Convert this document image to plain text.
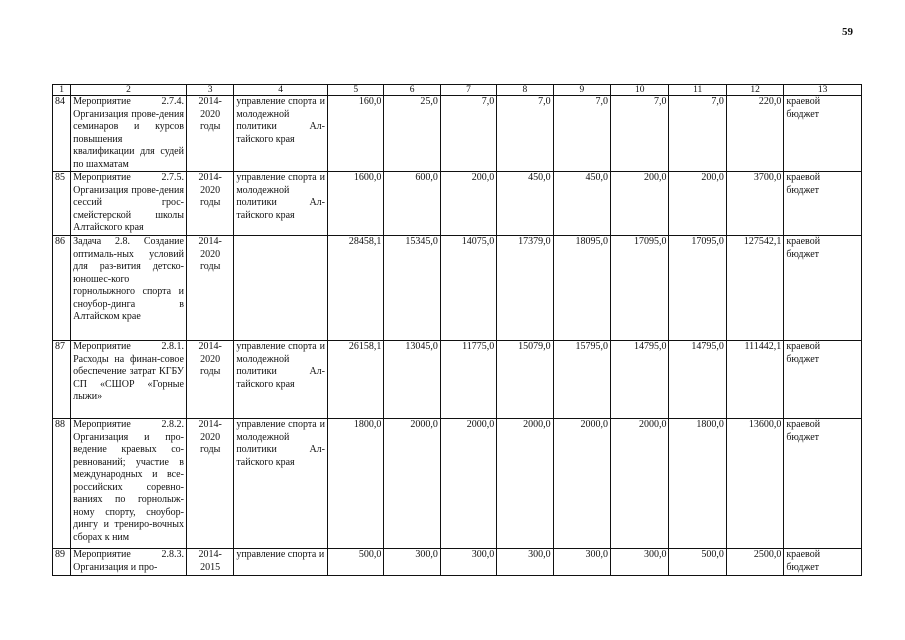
59
1	2	3	4	5	6	7	8	9	10	11	12	13
84	Мероприятие 2.7.4. Организация прове-дения семинаров и курсов повышения квалификации для судей по шахматам	2014-
2020
годы	управление спорта и молодежной политики Ал-тайского края	160,0	25,0	7,0	7,0	7,0	7,0	7,0	220,0	краевой
бюджет

85	Мероприятие 2.7.5. Организация прове-дения сессий грос-смейстерской школы Алтайского края	2014-
2020
годы	управление спорта и молодежной политики Ал-тайского края	1600,0	600,0	200,0	450,0	450,0	200,0	200,0	3700,0	краевой
бюджет

86	Задача 2.8. Создание оптималь-ных условий для раз-вития детско-юношес-кого горнолыжного спорта и сноубор-динга в Алтайском крае	2014-
2020
годы		28458,1	15345,0	14075,0	17379,0	18095,0	17095,0	17095,0	127542,1	краевой
бюджет

87	Мероприятие 2.8.1. Расходы на финан-совое обеспечение затрат КГБУ СП «СШОР «Горные лыжи»	2014-
2020
годы	управление спорта и молодежной политики Ал-тайского края	26158,1	13045,0	11775,0	15079,0	15795,0	14795,0	14795,0	111442,1	краевой
бюджет

88	Мероприятие 2.8.2. Организация и про-ведение краевых со-ревнований; участие в международных и все-российских соревно-ваниях по горнолыж-ному спорту, сноубор-дингу и трениро-вочных сборах к ним	2014-
2020
годы	управление спорта и молодежной политики Ал-тайского края	1800,0	2000,0	2000,0	2000,0	2000,0	2000,0	1800,0	13600,0	краевой
бюджет

89	Мероприятие 2.8.3. Организация и про-	2014-
2015	управление спорта и	500,0	300,0	300,0	300,0	300,0	300,0	500,0	2500,0	краевой
бюджет
